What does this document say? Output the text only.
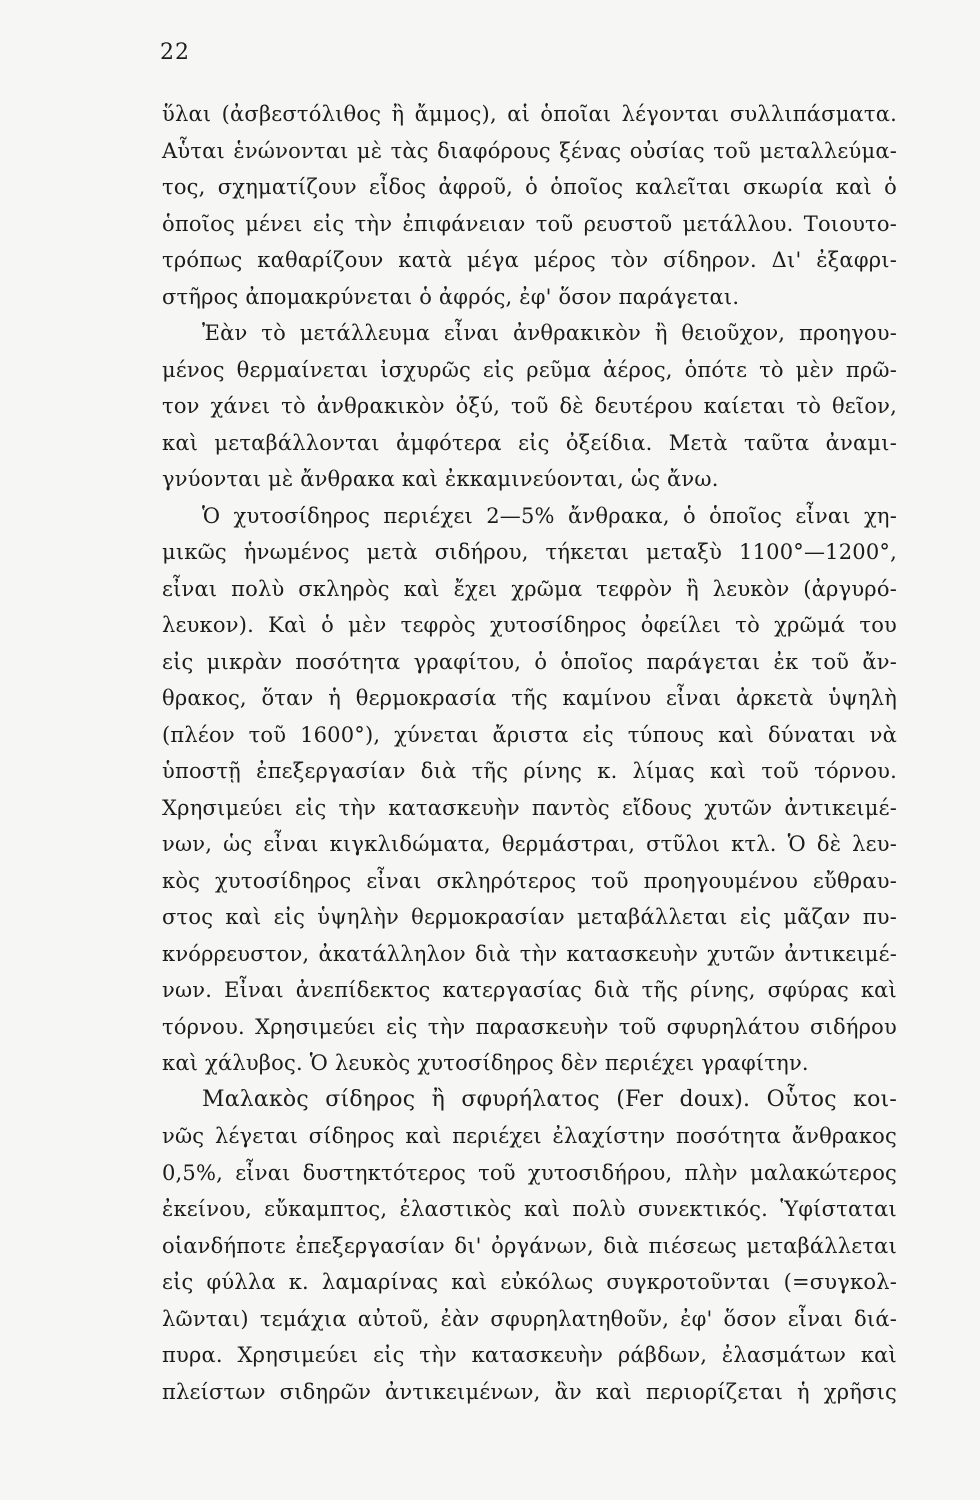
22
ὕλαι (ἀσβεστόλιθος ἢ ἄμμος), αἱ ὁποῖαι λέγονται συλλιπάσματα.
Αὗται ἑνώνονται μὲ τὰς διαφόρους ξένας οὐσίας τοῦ μεταλλεύμα-
τος, σχηματίζουν εἶδος ἀφροῦ, ὁ ὁποῖος καλεῖται σκωρία καὶ ὁ
ὁποῖος μένει εἰς τὴν ἐπιφάνειαν τοῦ ρευστοῦ μετάλλου. Τοιουτο-
τρόπως καθαρίζουν κατὰ μέγα μέρος τὸν σίδηρον. Δι' ἐξαφρι-
στῆρος ἀπομακρύνεται ὁ ἀφρός, ἐφ' ὅσον παράγεται.
Ἐὰν τὸ μετάλλευμα εἶναι ἀνθρακικὸν ἢ θειοῦχον, προηγου-
μένος θερμαίνεται ἰσχυρῶς εἰς ρεῦμα ἀέρος, ὁπότε τὸ μὲν πρῶ-
τον χάνει τὸ ἀνθρακικὸν ὀξύ, τοῦ δὲ δευτέρου καίεται τὸ θεῖον,
καὶ μεταβάλλονται ἀμφότερα εἰς ὀξείδια. Μετὰ ταῦτα ἀναμι-
γνύονται μὲ ἄνθρακα καὶ ἐκκαμινεύονται, ὡς ἄνω.
Ὁ χυτοσίδηρος περιέχει 2—5% ἄνθρακα, ὁ ὁποῖος εἶναι χη-
μικῶς ἡνωμένος μετὰ σιδήρου, τήκεται μεταξὺ 1100°—1200°,
εἶναι πολὺ σκληρὸς καὶ ἔχει χρῶμα τεφρὸν ἢ λευκὸν (ἀργυρό-
λευκον). Καὶ ὁ μὲν τεφρὸς χυτοσίδηρος ὀφείλει τὸ χρῶμά του
εἰς μικρὰν ποσότητα γραφίτου, ὁ ὁποῖος παράγεται ἐκ τοῦ ἄν-
θρακος, ὅταν ἡ θερμοκρασία τῆς καμίνου εἶναι ἀρκετὰ ὑψηλὴ
(πλέον τοῦ 1600°), χύνεται ἄριστα εἰς τύπους καὶ δύναται νὰ
ὑποστῇ ἐπεξεργασίαν διὰ τῆς ρίνης κ. λίμας καὶ τοῦ τόρνου.
Χρησιμεύει εἰς τὴν κατασκευὴν παντὸς εἴδους χυτῶν ἀντικειμέ-
νων, ὡς εἶναι κιγκλιδώματα, θερμάστραι, στῦλοι κτλ. Ὁ δὲ λευ-
κὸς χυτοσίδηρος εἶναι σκληρότερος τοῦ προηγουμένου εὔθραυ-
στος καὶ εἰς ὑψηλὴν θερμοκρασίαν μεταβάλλεται εἰς μᾶζαν πυ-
κνόρρευστον, ἀκατάλληλον διὰ τὴν κατασκευὴν χυτῶν ἀντικειμέ-
νων. Εἶναι ἀνεπίδεκτος κατεργασίας διὰ τῆς ρίνης, σφύρας καὶ
τόρνου. Χρησιμεύει εἰς τὴν παρασκευὴν τοῦ σφυρηλάτου σιδήρου
καὶ χάλυβος. Ὁ λευκὸς χυτοσίδηρος δὲν περιέχει γραφίτην.
Μαλακὸς σίδηρος ἢ σφυρήλατος (Fer doux). Οὗτος κοι-
νῶς λέγεται σίδηρος καὶ περιέχει ἐλαχίστην ποσότητα ἄνθρακος
0,5%, εἶναι δυστηκτότερος τοῦ χυτοσιδήρου, πλὴν μαλακώτερος
ἐκείνου, εὔκαμπτος, ἐλαστικὸς καὶ πολὺ συνεκτικός. Ὑφίσταται
οἱανδήποτε ἐπεξεργασίαν δι' ὀργάνων, διὰ πιέσεως μεταβάλλεται
εἰς φύλλα κ. λαμαρίνας καὶ εὐκόλως συγκροτοῦνται (=συγκολ-
λῶνται) τεμάχια αὐτοῦ, ἐὰν σφυρηλατηθοῦν, ἐφ' ὅσον εἶναι διά-
πυρα. Χρησιμεύει εἰς τὴν κατασκευὴν ράβδων, ἐλασμάτων καὶ
πλείστων σιδηρῶν ἀντικειμένων, ἂν καὶ περιορίζεται ἡ χρῆσις
